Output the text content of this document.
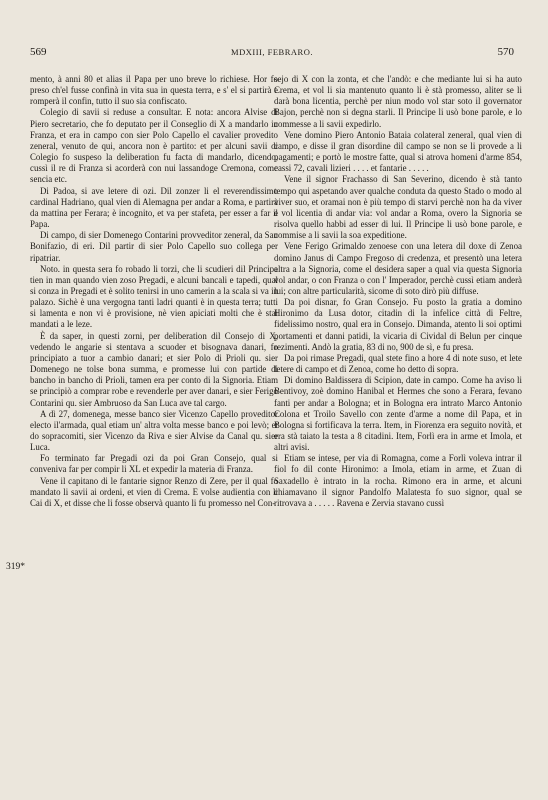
569	MDXIII, FEBRARO.	570
319*

mento, à anni 80 et alias il Papa per uno breve lo richiese. Hor fo preso ch'el fusse confinà in vita sua in questa terra, e s' el si partirà e romperà il confin, tutto il suo sia confiscato.

Colegio di savii si reduse a consultar. E nota: ancora Alvise di Piero secretario, che fo deputato per il Conseglio di X a mandarlo in Franza, et era in campo con sier Polo Capello el cavalier provedito zeneral, venuto de qui, ancora non è partito: et per alcuni savii di Colegio fo suspeso la deliberation fu facta di mandarlo, dicendo, cussì il re di Franza si acorderà con nui lassandoge Cremona, come sencia etc.

Di Padoa, si ave letere di ozi. Dil zonzer li el reverendissimo cardinal Hadriano, qual vien di Alemagna per andar a Roma, e partirà da mattina per Ferara; è incognito, et va per stafeta, per esser a far il Papa.

Di campo, di sier Domenego Contarini provveditor zeneral, da San Bonifazio, di eri. Dil partir di sier Polo Capello suo collega per ripatriar.

Noto. in questa sera fo robado li torzi, che li scudieri dil Principe tien in man quando vien zoso Pregadi, e alcuni bancali e tapedi, qual si conza in Pregadi et è solito tenirsi in uno camerin a la scala si va in palazo. Sichè è una vergogna tanti ladri quanti è in questa terra; tutti si lamenta e non vi è provisione, nè vien apiciati molti che è stai mandati a le leze.

È da saper, in questi zorni, per deliberation dil Consejo di X, vedendo le angarie si stentava a scuoder et bisognava danari, fo principiato a tuor a cambio danari; et sier Polo di Prioli qu. sier Domenego ne tolse bona summa, e promesse lui con partide di bancho in bancho di Prioli, tamen era per conto di la Signoria. Etiam se principiò a comprar robe e revenderle per aver danari, e sier Ferigo Contarini qu. sier Ambruoso da San Luca ave tal cargo.

A dì 27, domenega, messe banco sier Vicenzo Capello proveditor electo il'armada, qual etiam un' altra volta messe banco e poi levò; et do sopracomiti, sier Vicenzo da Riva e sier Alvise da Canal qu. sier Luca.

Fo terminato far Pregadi ozi da poi Gran Consejo, qual si conveniva far per compir li XL et expedir la materia di Franza.

Vene il capitano di le fantarie signor Renzo di Zere, per il qual fo mandato li savii ai ordeni, et vien di Crema. E volse audientia con li Cai di X, et disse che li fosse observà quanto li fu promesso nel Con-

sejo di X con la zonta, et che l'andò: e che mediante lui si ha auto Crema, et vol li sia mantenuto quanto li è stà promesso, aliter se li darà bona licentia, perchè per niun modo vol star soto il governator Bajon, perchè non si degna starli. Il Principe li usò bone parole, e lo commesse a li savii expedirlo.

Vene domino Piero Antonio Bataia colateral zeneral, qual vien di campo, e disse il gran disordine dil campo se non se li provede a li pagamenti; e portò le mostre fatte, qual si atrova homeni d'arme 854, cassi 72, cavali lizieri . . . . et fantarie . . . . .

Vene il signor Frachasso di San Severino, dicendo è stà tanto tempo qui aspetando aver qualche conduta da questo Stado o modo al viver suo, et oramai non è più tempo di starvi perchè non ha da viver e vol licentia di andar via: vol andar a Roma, overo la Signoria se risolva quello habbi ad esser di lui. Il Principe li usò bone parole, e commise a li savii la soa expeditione.

Vene Ferigo Grimaldo zenoese con una letera dil doxe di Zenoa domino Janus di Campo Fregoso di credenza, et presentò una letera altra a la Signoria, come el desidera saper a qual via questa Signoria vol andar, o con Franza o con l' Imperador, perchè cussì etiam anderà lui; con altre particularità, sicome di soto dirò più diffuse.

Da poi disnar, fo Gran Consejo. Fu posto la gratia a domino Hironimo da Lusa dotor, citadin di la infelice città di Feltre, fidelissimo nostro, qual era in Consejo. Dimanda, atento li soi optimi portamenti et danni patidi, la vicaria di Cividal di Belun per cinque rezimenti. Andò la gratia, 83 di no, 900 de sì, e fu presa.

Da poi rimase Pregadi, qual stete fino a hore 4 di note suso, et lete letere di campo et di Zenoa, come ho detto di sopra.

Di domino Baldissera di Scipion, date in campo. Come ha aviso li Bentivoy, zoè domino Hanibal et Hermes che sono a Ferara, fevano fanti per andar a Bologna; et in Bologna era intrato Marco Antonio Colona et Troilo Savello con zente d'arme a nome dil Papa, et in Bologna si fortificava la terra. Item, in Fiorenza era seguito novità, et era stà taiato la testa a 8 citadini. Item, Forlì era in arme et Imola, et altri avisi.

Etiam se intese, per via di Romagna, come a Forlì voleva intrar il fiol fo dil conte Hironimo: a Imola, etiam in arme, et Zuan di Saxadello è intrato in la rocha. Rimono era in arme, et alcuni chiamavano il signor Pandolfo Malatesta fo suo signor, qual se ritrovava a . . . . . Ravena e Zervia stavano cussì
